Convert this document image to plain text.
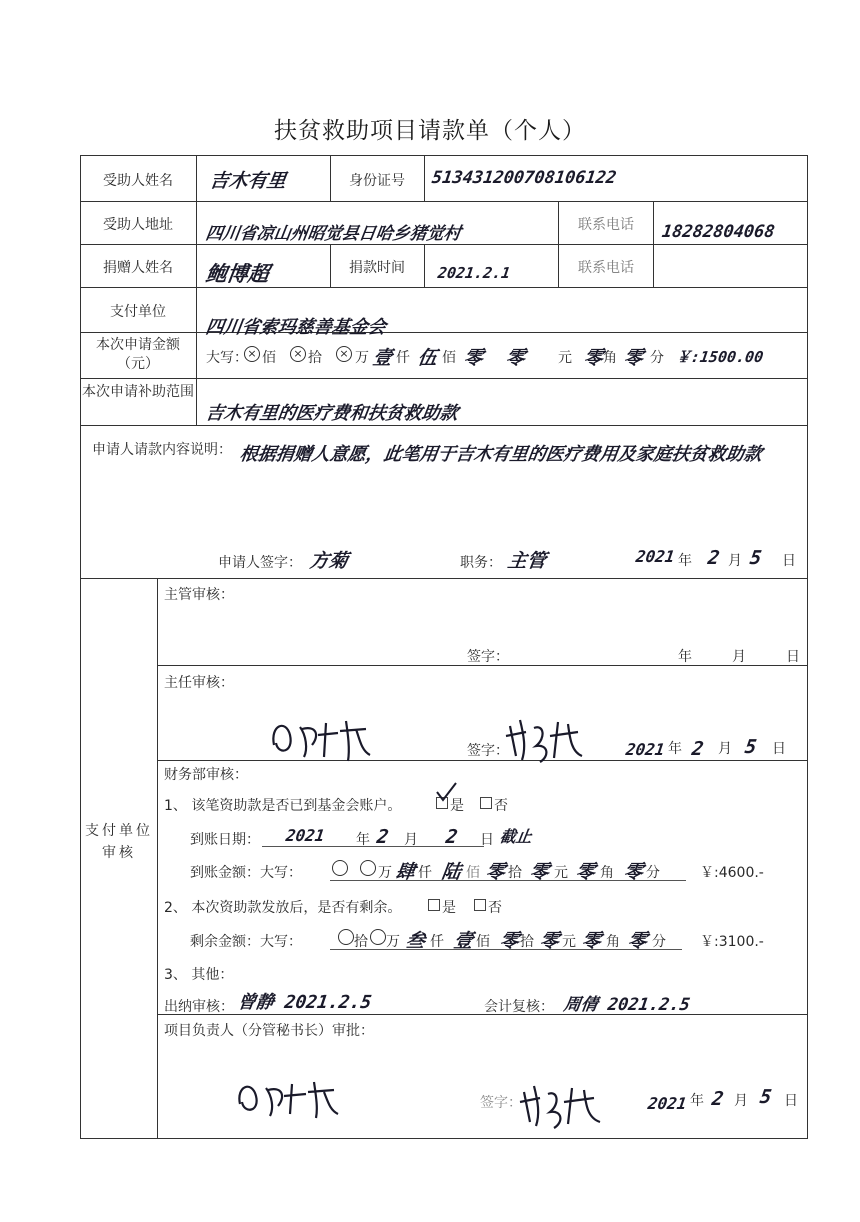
扶贫救助项目请款单（个人）
受助人姓名	吉木有里	身份证号	513431200708106122
受助人地址	四川省凉山州昭觉县日哈乡猪觉村	联系电话	18282804068
捐赠人姓名	鲍博超	捐款时间	2021.2.1	联系电话
支付单位
四川省索玛慈善基金会
本次申请金额（元）	大写： × 佰	× 拾	× 万 壹 仟 伍 佰 零 零 元 零
角 零 分 ￥:1500.00
本次申请补助范围
吉木有里的医疗费和扶贫救助款
申请人请款内容说明： 根据捐赠人意愿，此笔用于吉木有里的医疗费用及家庭扶贫救助款
申请人签字： 方菊	职务： 主管	2021 年 2 月 5 日
支付单位审核
主管审核：
签字：	年	月	日
主任审核：
签字：	2021 年 2 月 5 日
财务部审核：
1、 该笔资助款是否已到基金会账户。	是 否
到账日期： 2021 年 2 月 2 日 截止
到账金额：大写：	万 肆 仟 陆 佰 零 拾 零 元 零 角 零 分	￥:4600.-
2、 本次资助款发放后，是否有剩余。	是 否
剩余金额：大写：	拾 万 叁 仟 壹 佰 零 拾 零 元 零 角 零 分 ￥:3100.-
3、 其他：
出纳审核： 曾静 2021.2.5	会计复核： 周倩 2021.2.5
项目负责人（分管秘书长）审批：
签字：	2021 年 2 月 5 日
